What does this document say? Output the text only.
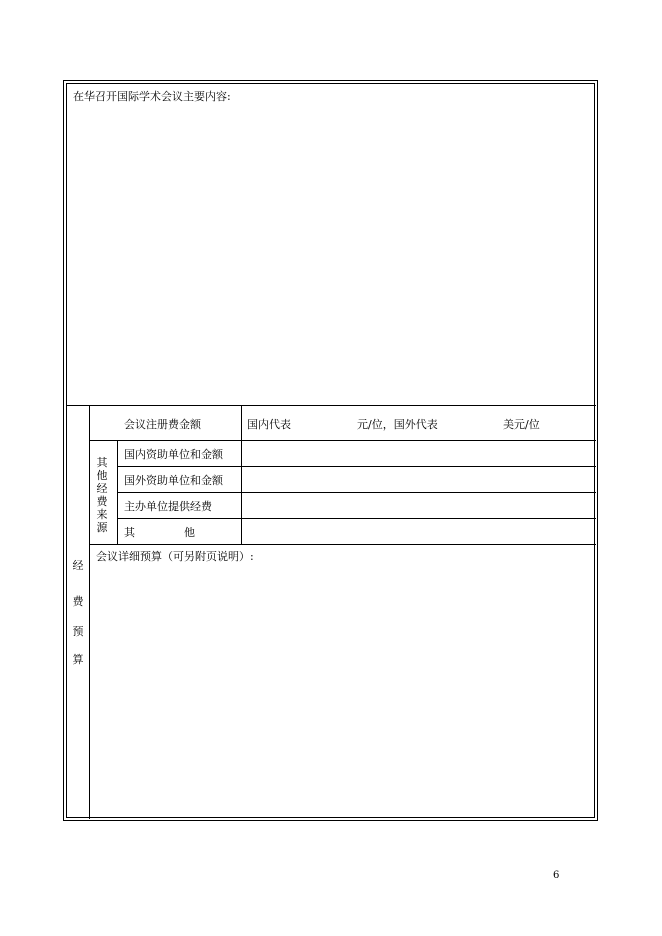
在华召开国际学术会议主要内容:
经
费
预
算
会议注册费金额	国内代表	元/位，国外代表	美元/位
其
他
经
费
来
源
国内资助单位和金额
国外资助单位和金额
主办单位提供经费
其              他
会议详细预算（可另附页说明）:
6
